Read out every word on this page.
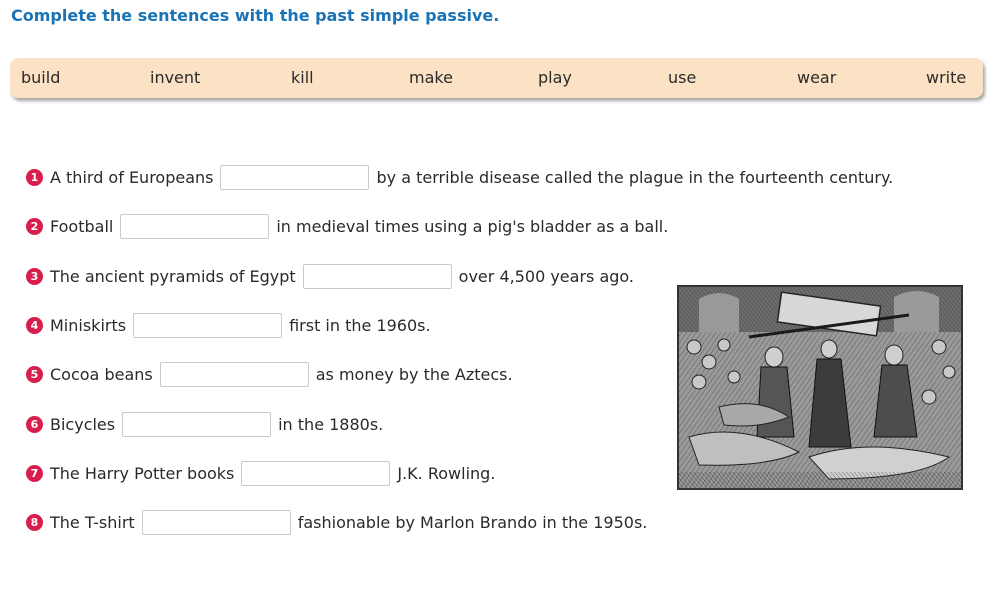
Complete the sentences with the past simple passive.
build	invent	kill	make	play	use	wear	write
1 A third of Europeans	by a terrible disease called the plague in the fourteenth century.
2 Football	in medieval times using a pig's bladder as a ball.
3 The ancient pyramids of Egypt	over 4,500 years ago.
4 Miniskirts	first in the 1960s.
5 Cocoa beans	as money by the Aztecs.
6 Bicycles	in the 1880s.
7 The Harry Potter books	J.K. Rowling.
8 The T-shirt	fashionable by Marlon Brando in the 1950s.
